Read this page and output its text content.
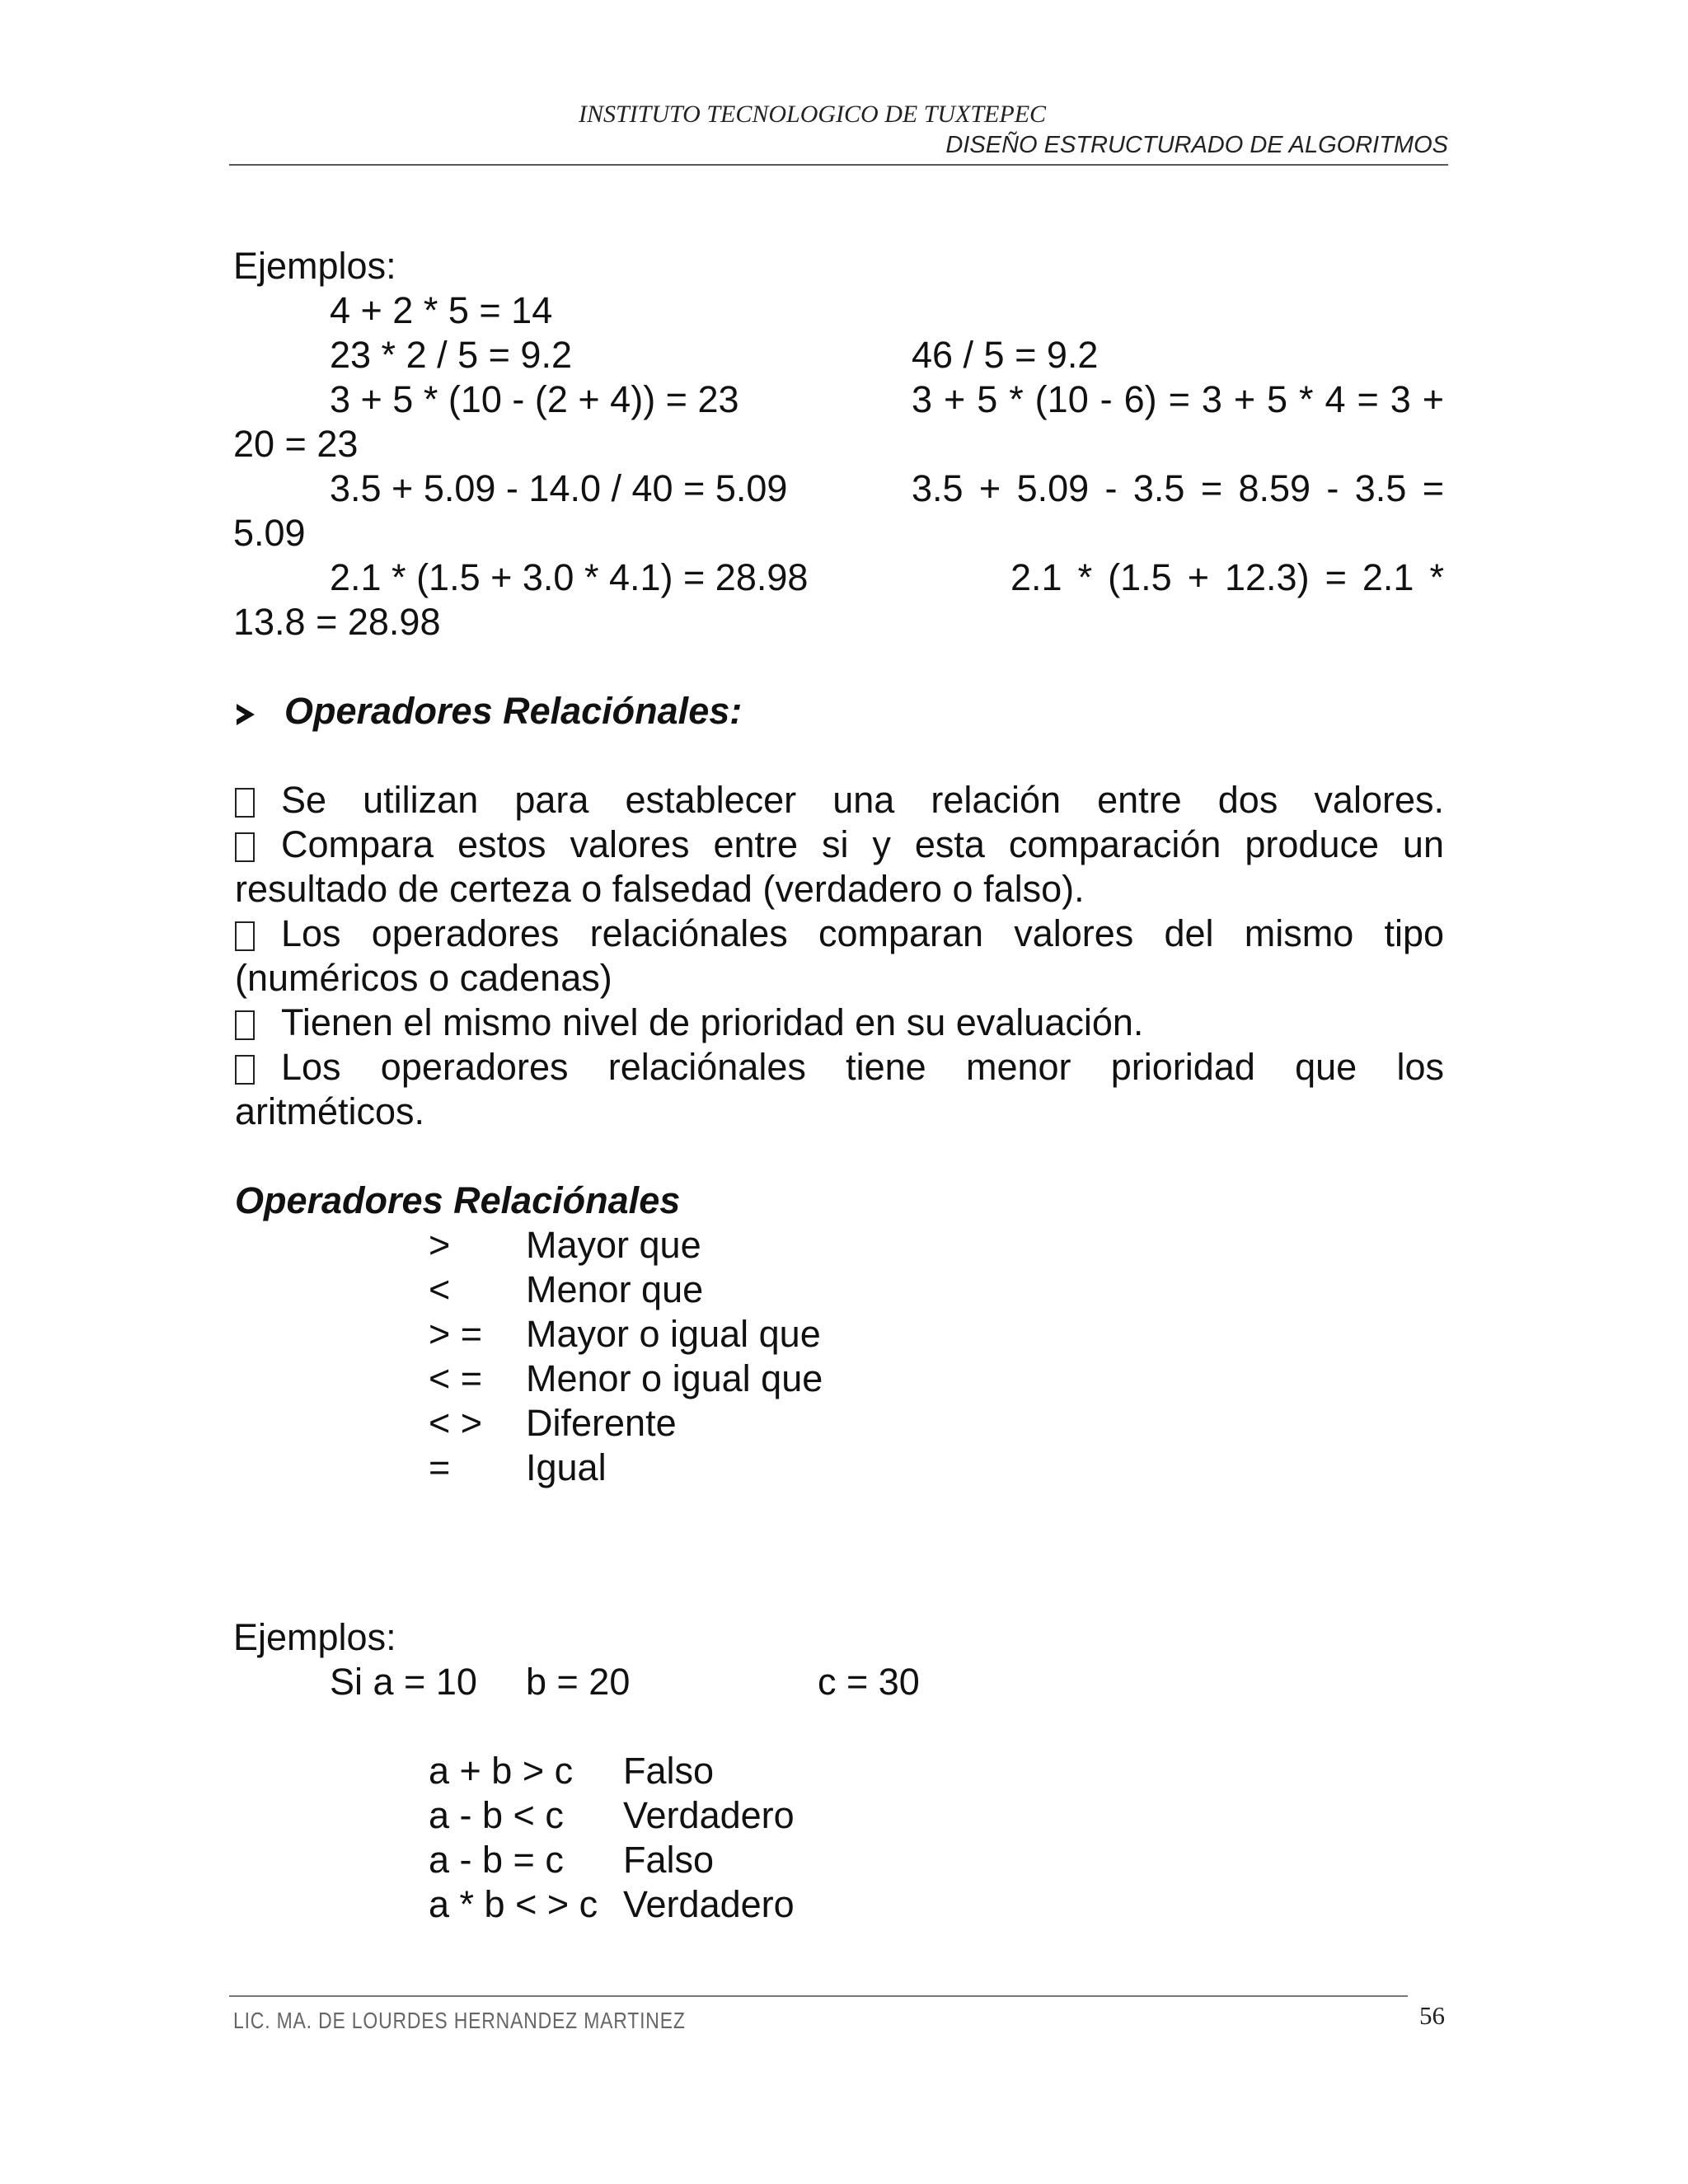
INSTITUTO TECNOLOGICO DE TUXTEPEC
DISEÑO ESTRUCTURADO DE ALGORITMOS
Ejemplos:
4 + 2 * 5 = 14
23 * 2 / 5 = 9.2	46 / 5 = 9.2
3 + 5 * (10 - (2 + 4)) = 23	3 + 5 * (10 - 6) = 3 + 5 * 4 = 3 +
20 = 23
3.5 + 5.09 - 14.0 / 40 = 5.09	3.5 + 5.09 - 3.5 = 8.59 - 3.5 =
5.09
2.1 * (1.5 + 3.0 * 4.1) = 28.98	2.1 * (1.5 + 12.3) = 2.1 *
13.8 = 28.98
Operadores Relaciónales:
Se utilizan para establecer una relación entre dos valores.
Compara estos valores entre si y esta comparación produce un
resultado de certeza o falsedad (verdadero o falso).
Los operadores relaciónales comparan valores del mismo tipo
(numéricos o cadenas)
Tienen el mismo nivel de prioridad en su evaluación.
Los operadores relaciónales tiene menor prioridad que los
aritméticos.
Operadores Relaciónales
> Mayor que
< Menor que
> = Mayor o igual que
< = Menor o igual que
< > Diferente
= Igual
Ejemplos:
Si a = 10 b = 20	c = 30
a + b > c Falso
a - b < c Verdadero
a - b = c Falso
a * b < > c Verdadero
LIC. MA. DE LOURDES HERNANDEZ MARTINEZ	56
